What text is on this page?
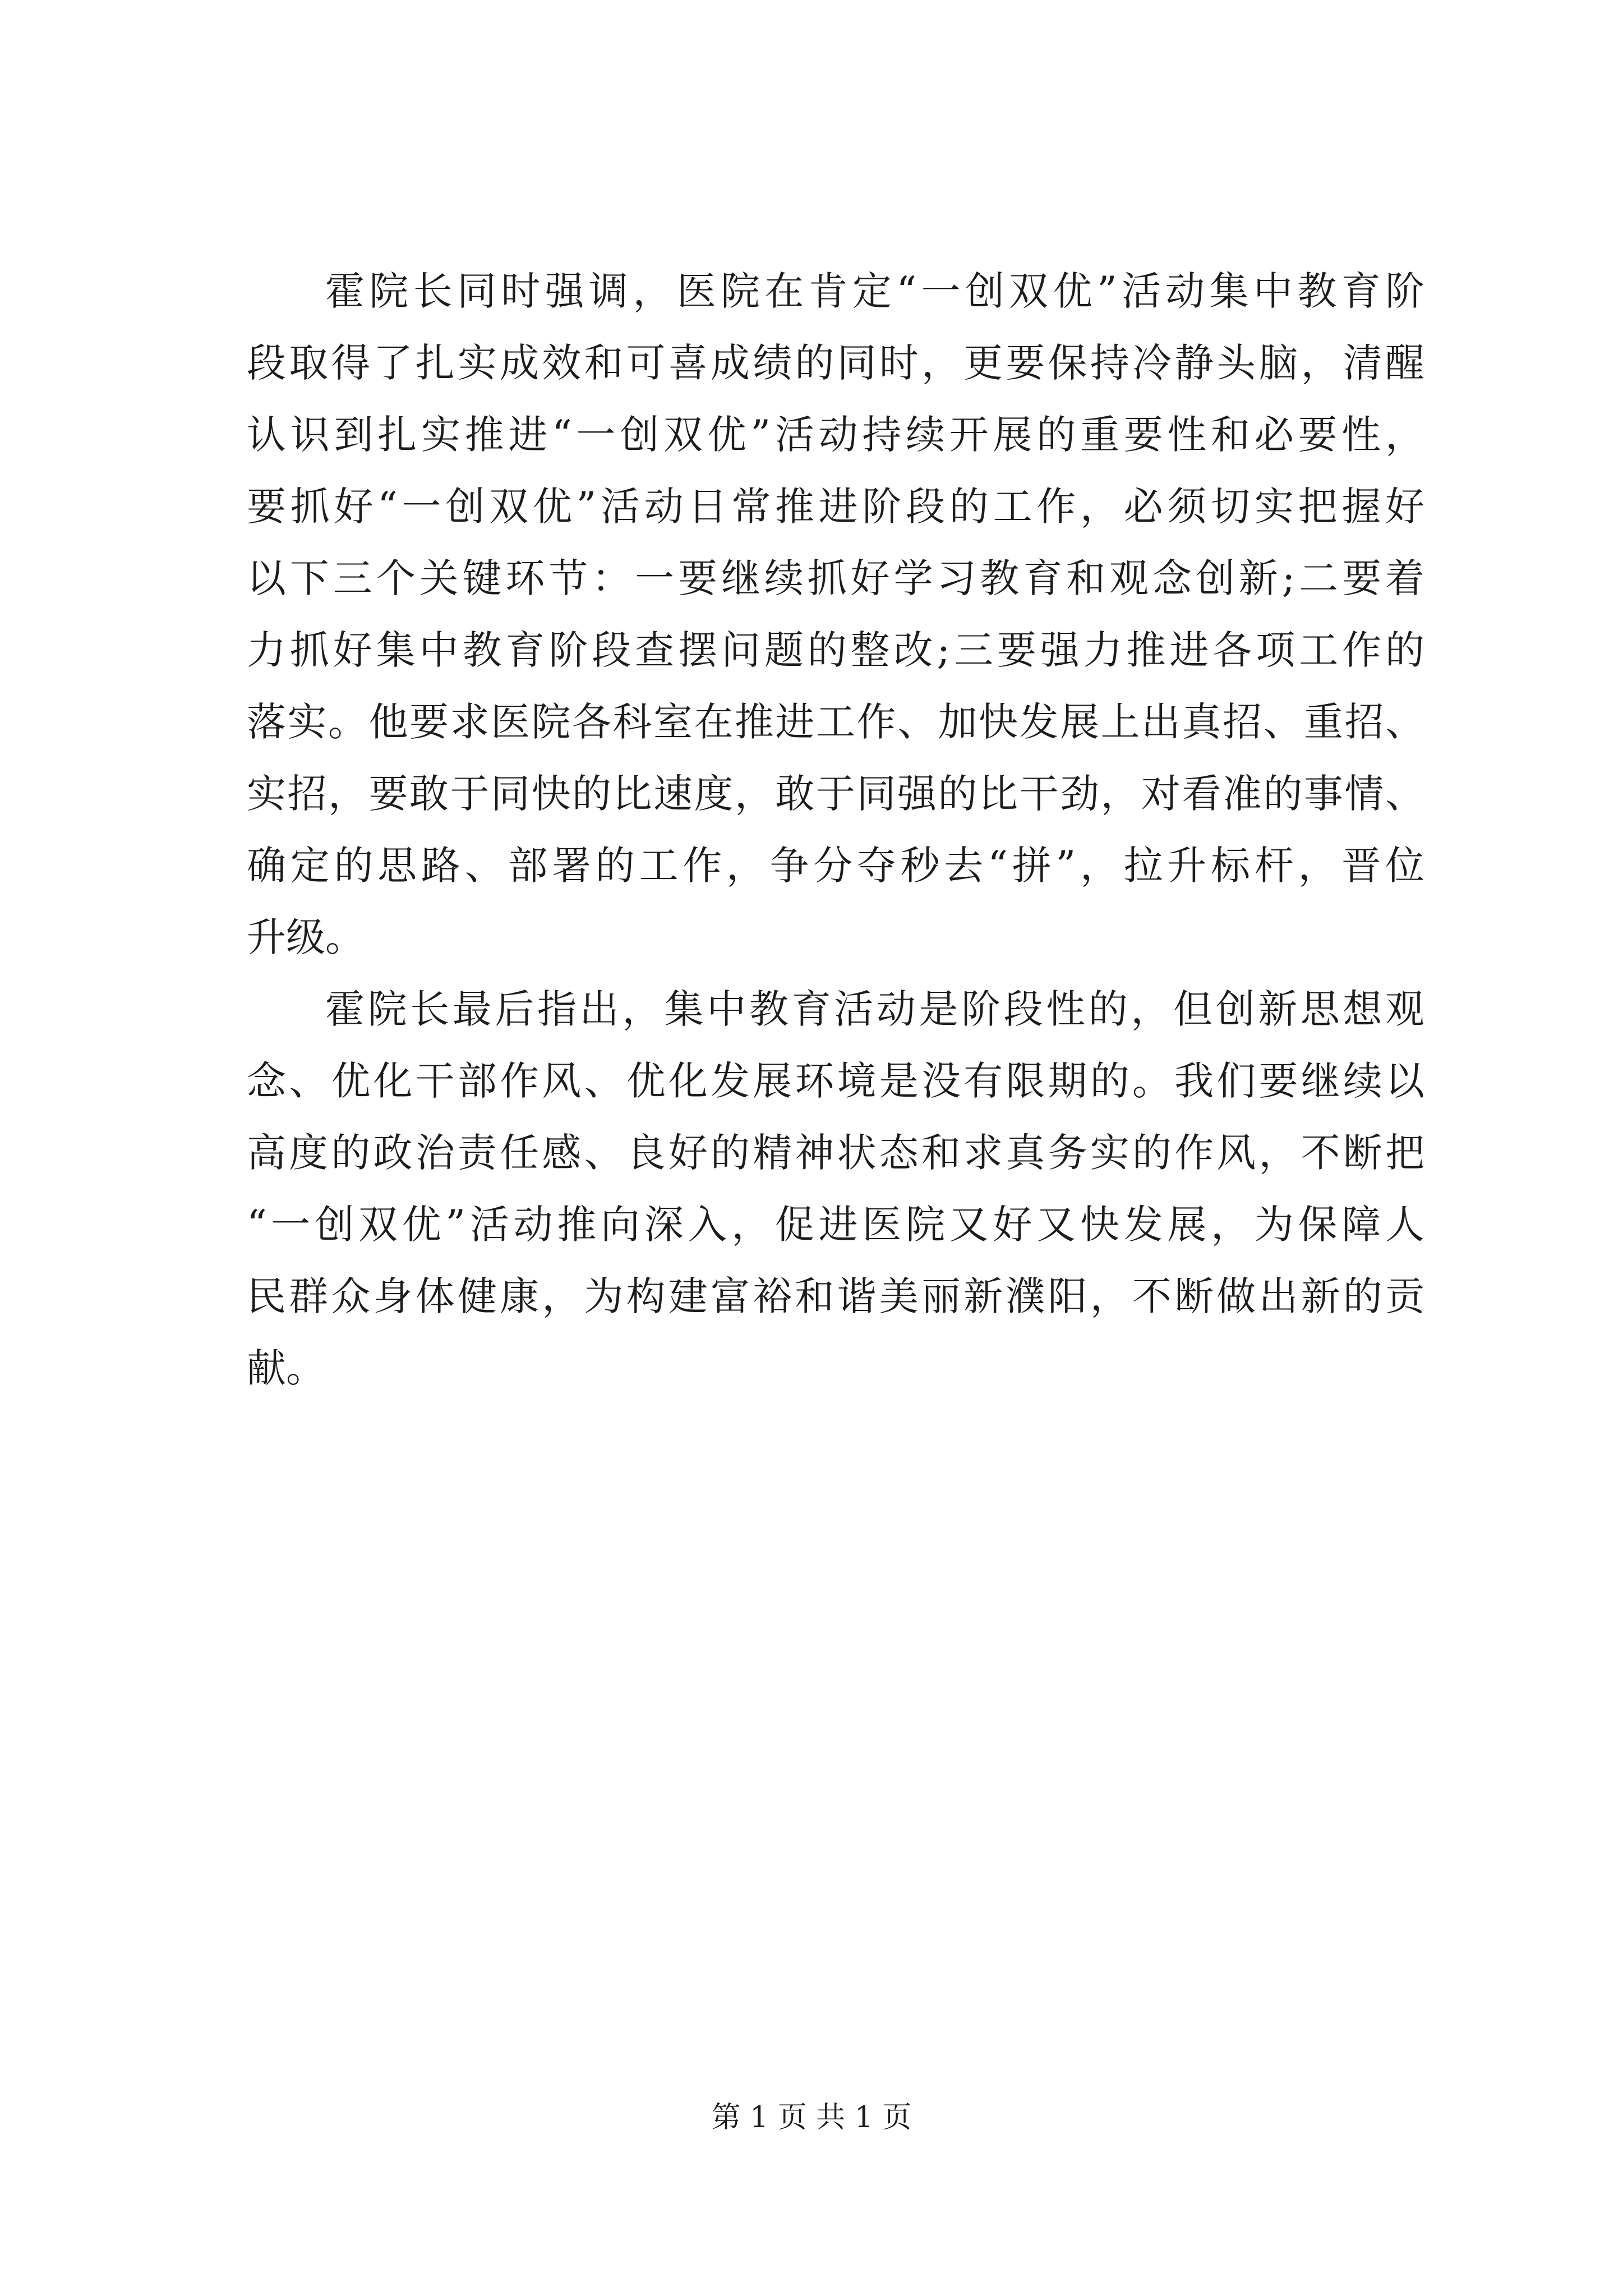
霍院长同时强调，医院在肯定“一创双优”活动集中教育阶
段取得了扎实成效和可喜成绩的同时，更要保持冷静头脑，清醒
认识到扎实推进“一创双优”活动持续开展的重要性和必要性，
要抓好“一创双优”活动日常推进阶段的工作，必须切实把握好
以下三个关键环节：一要继续抓好学习教育和观念创新;二要着
力抓好集中教育阶段查摆问题的整改;三要强力推进各项工作的
落实。他要求医院各科室在推进工作、加快发展上出真招、重招、
实招，要敢于同快的比速度，敢于同强的比干劲，对看准的事情、
确定的思路、部署的工作，争分夺秒去“拼”，拉升标杆，晋位
升级。
霍院长最后指出，集中教育活动是阶段性的，但创新思想观
念、优化干部作风、优化发展环境是没有限期的。我们要继续以
高度的政治责任感、良好的精神状态和求真务实的作风，不断把
“一创双优”活动推向深入，促进医院又好又快发展，为保障人
民群众身体健康，为构建富裕和谐美丽新濮阳，不断做出新的贡
献。
第 1 页 共 1 页
